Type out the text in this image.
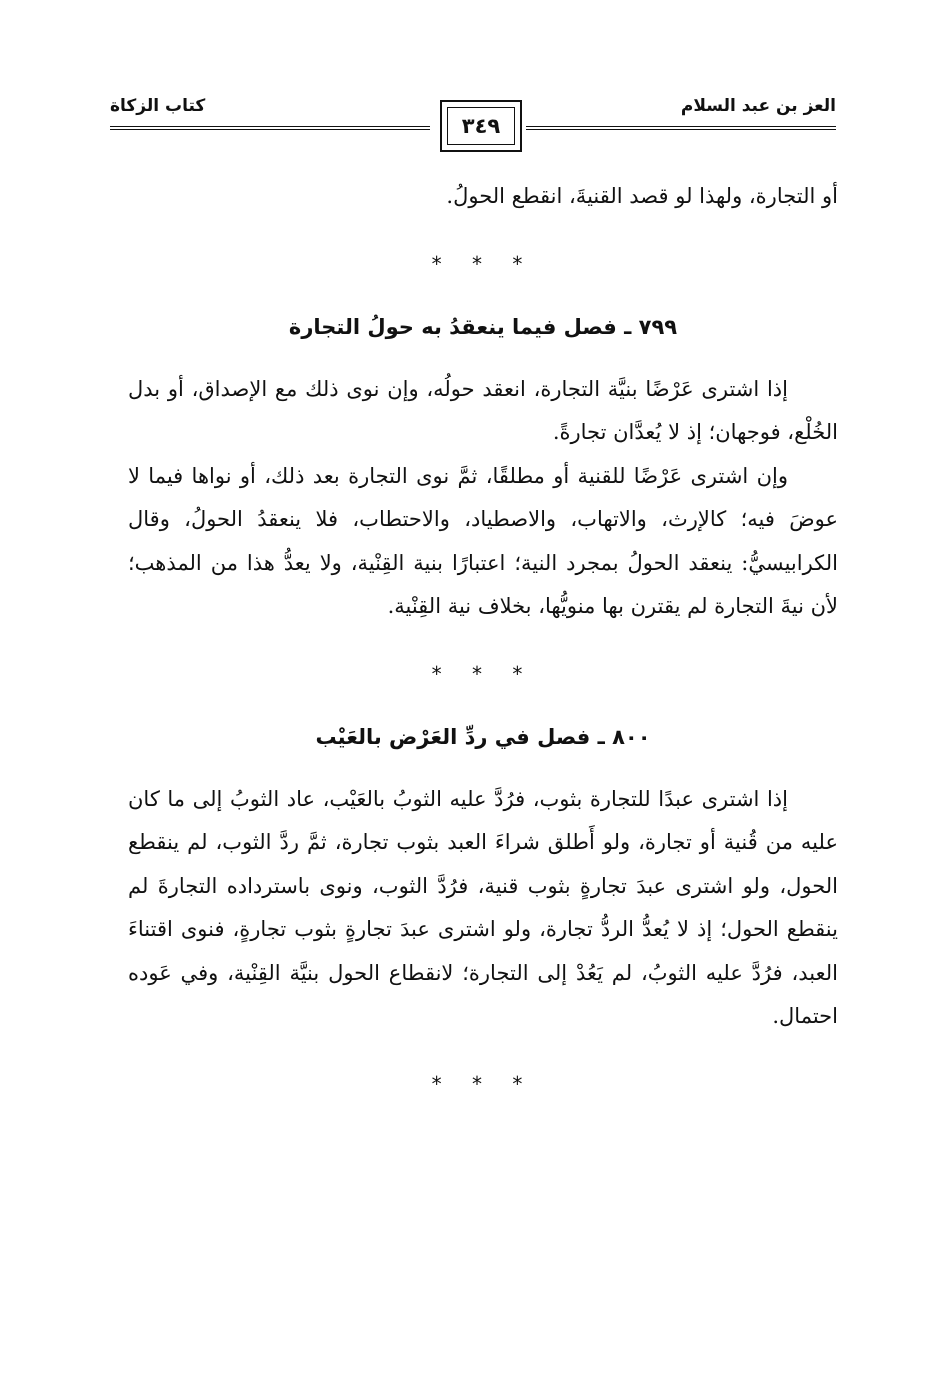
العز بن عبد السلام
٣٤٩
كتاب الزكاة

أو التجارة، ولهذا لو قصد القنيةَ، انقطع الحولُ.

* * *
٧٩٩ ـ فصل فيما ينعقدُ به حولُ التجارة

إذا اشترى عَرْضًا بنيَّة التجارة، انعقد حولُه، وإن نوى ذلك مع الإصداق، أو بدل الخُلْع، فوجهان؛ إذ لا يُعدَّان تجارةً.

وإن اشترى عَرْضًا للقنية أو مطلقًا، ثمَّ نوى التجارة بعد ذلك، أو نواها فيما لا عوضَ فيه؛ كالإرث، والاتهاب، والاصطياد، والاحتطاب، فلا ينعقدُ الحولُ، وقال الكرابيسيُّ: ينعقد الحولُ بمجرد النية؛ اعتبارًا بنية القِنْية، ولا يعدُّ هذا من المذهب؛ لأن نيةَ التجارة لم يقترن بها منويُّها، بخلاف نية القِنْية.

* * *
٨٠٠ ـ فصل في ردِّ العَرْض بالعَيْب

إذا اشترى عبدًا للتجارة بثوب، فرُدَّ عليه الثوبُ بالعَيْب، عاد الثوبُ إلى ما كان عليه من قُنية أو تجارة، ولو أَطلق شراءَ العبد بثوب تجارة، ثمَّ ردَّ الثوب، لم ينقطع الحول، ولو اشترى عبدَ تجارةٍ بثوب قنية، فرُدَّ الثوب، ونوى باسترداده التجارةَ لم ينقطع الحول؛ إذ لا يُعدُّ الردُّ تجارة، ولو اشترى عبدَ تجارةٍ بثوب تجارةٍ، فنوى اقتناءَ العبد، فرُدَّ عليه الثوبُ، لم يَعُدْ إلى التجارة؛ لانقطاع الحول بنيَّة القِنْية، وفي عَوده احتمال.

* * *
